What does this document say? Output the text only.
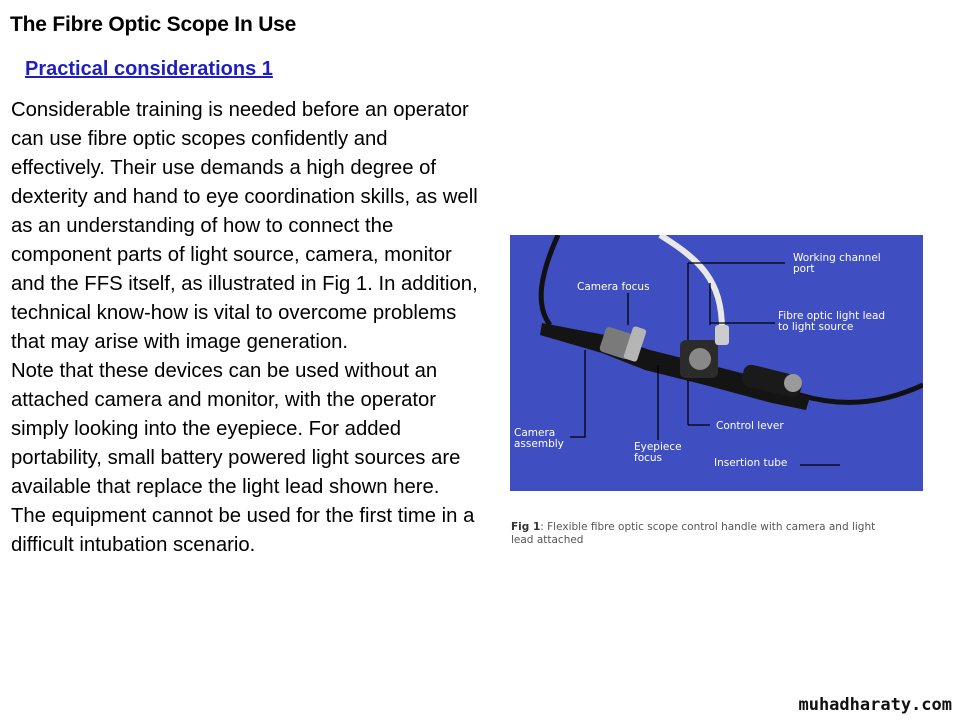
The Fibre Optic Scope In Use
Practical considerations 1

Considerable training is needed before an operator can use fibre optic scopes confidently and effectively. Their use demands a high degree of dexterity and hand to eye coordination skills, as well as an understanding of how to connect the component parts of light source, camera, monitor and the FFS itself, as illustrated in Fig 1. In addition, technical know-how is vital to overcome problems that may arise with image generation.

Note that these devices can be used without an attached camera and monitor, with the operator simply looking into the eyepiece. For added portability, small battery powered light sources are available that replace the light lead shown here.

The equipment cannot be used for the first time in a difficult intubation scenario.

Working channel
port
Camera focus
Fibre optic light lead
to light source
Control lever
Camera
assembly	Eyepiece
focus	Insertion tube
Fig 1: Flexible fibre optic scope control handle with camera and light lead attached
muhadharaty.com
